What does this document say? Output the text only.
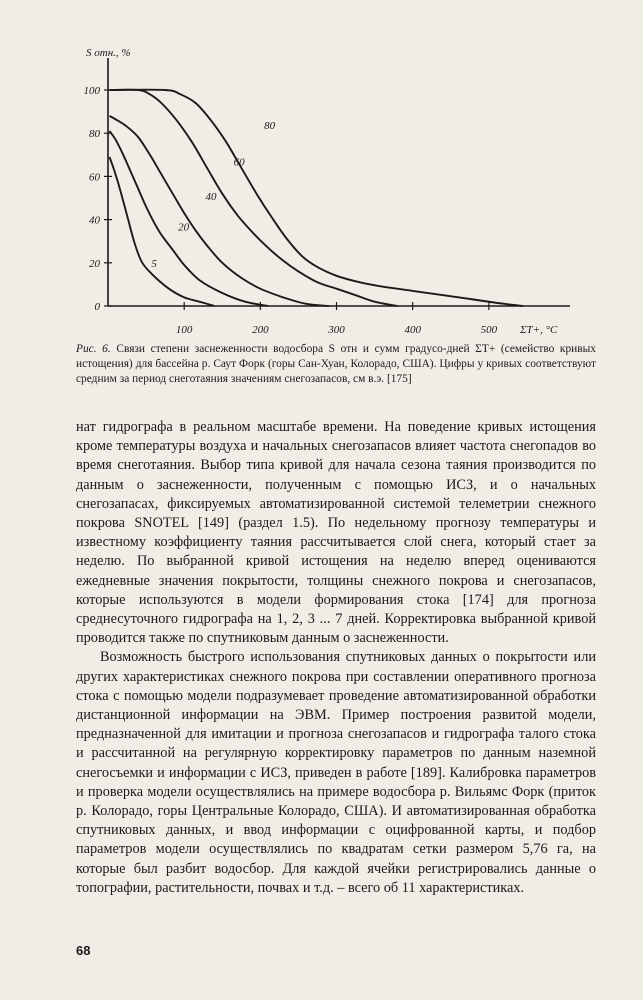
0
20
40
60
80
100
100	200	300	400	500
S отн., %
ΣT+, °C
5
20
40
60
80
Рис. 6. Связи степени заснеженности водосбора S отн и сумм градусо-дней ΣT+ (семейство кривых истощения) для бассейна р. Саут Форк (горы Сан-Хуан, Колорадо, США). Цифры у кривых соответствуют средним за период снеготаяния значениям снегозапасов, см в.э. [175]

нат гидрографа в реальном масштабе времени. На поведение кривых истощения кроме температуры воздуха и начальных снегозапасов влияет частота снегопадов во время снеготаяния. Выбор типа кривой для начала сезона таяния производится по данным о заснеженности, полученным с помощью ИСЗ, и о начальных снегозапасах, фиксируемых автоматизированной системой телеметрии снежного покрова SNOTEL [149] (раздел 1.5). По недельному прогнозу температуры и известному коэффициенту таяния рассчитывается слой снега, который стает за неделю. По выбранной кривой истощения на неделю вперед оцениваются ежедневные значения покрытости, толщины снежного покрова и снегозапасов, которые используются в модели формирования стока [174] для прогноза среднесуточного гидрографа на 1, 2, 3 ... 7 дней. Корректировка выбранной кривой проводится также по спутниковым данным о заснеженности.

Возможность быстрого использования спутниковых данных о покрытости или других характеристиках снежного покрова при составлении оперативного прогноза стока с помощью модели подразумевает проведение автоматизированной обработки дистанционной информации на ЭВМ. Пример построения развитой модели, предназначенной для имитации и прогноза снегозапасов и гидрографа талого стока и рассчитанной на регулярную корректировку параметров по данным наземной снегосъемки и информации с ИСЗ, приведен в работе [189]. Калибровка параметров и проверка модели осуществлялись на примере водосбора р. Вильямс Форк (приток р. Колорадо, горы Центральные Колорадо, США). И автоматизированная обработка спутниковых данных, и ввод информации с оцифрованной карты, и подбор параметров модели осуществлялись по квадратам сетки размером 5,76 га, на которые был разбит водосбор. Для каждой ячейки регистрировались данные о топографии, растительности, почвах и т.д. – всего об 11 характеристиках.

68
